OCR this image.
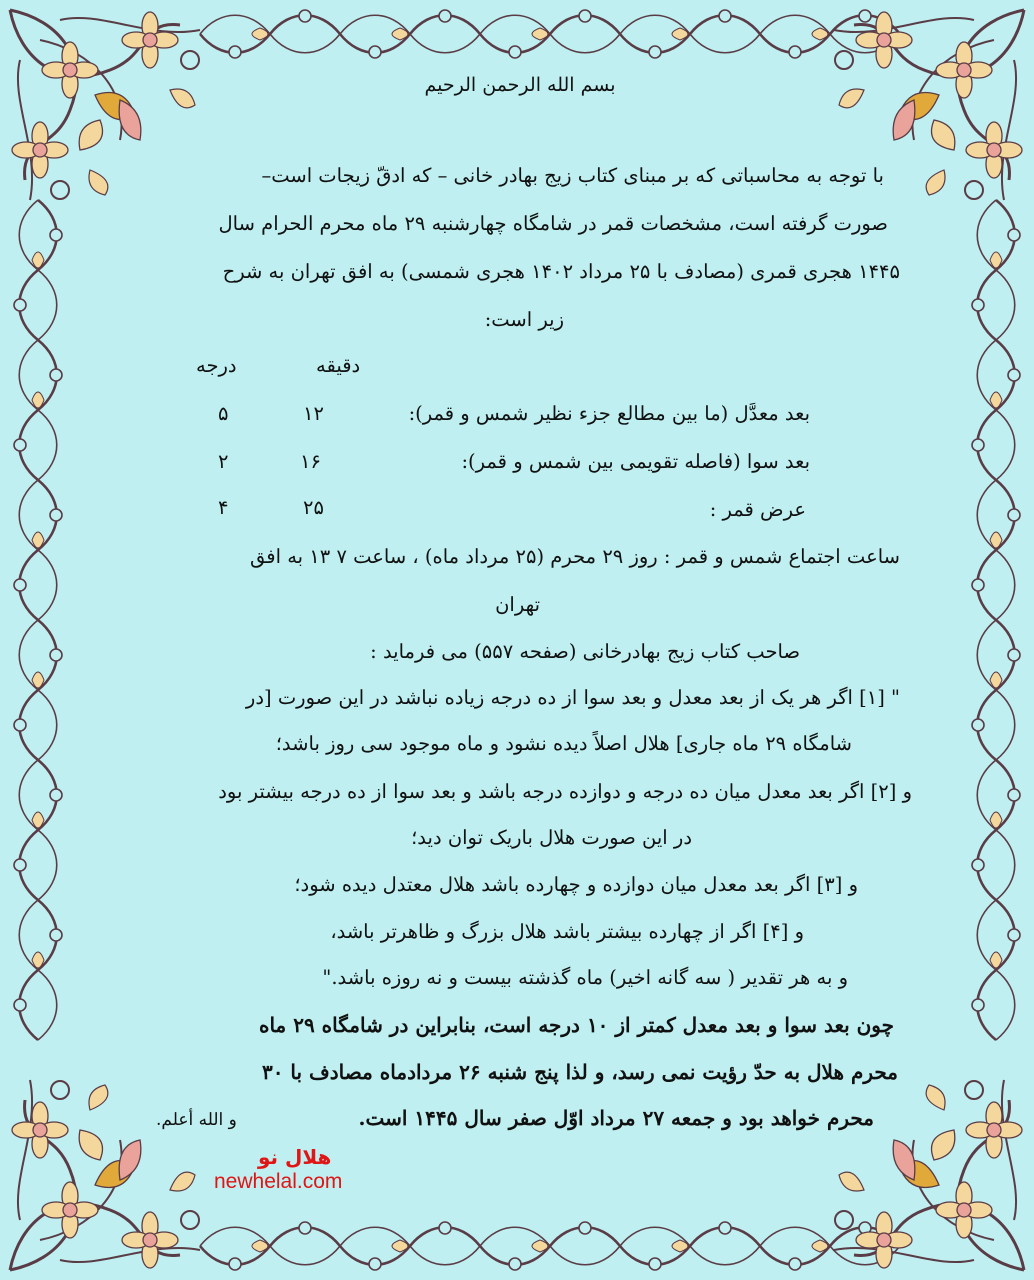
بسم الله الرحمن الرحیم
با توجه به محاسباتی که بر مبنای کتاب زیج بهادر خانی – که ادقّ زیجات است–
صورت گرفته است، مشخصات قمر در شامگاه چهارشنبه ۲۹ ماه محرم الحرام سال
۱۴۴۵ هجری قمری (مصادف با ۲۵ مرداد ۱۴۰۲ هجری شمسی) به افق تهران به شرح
زیر است:
دقیقه
درجه
بعد معدَّل (ما بین مطالع جزء نظیر شمس و قمر):
۱۲
۵
بعد سوا (فاصله تقویمی بین شمس و قمر):
۱۶
۲
عرض قمر :
۲۵
۴
ساعت اجتماع شمس و قمر : روز ۲۹ محرم (۲۵ مرداد ماه) ، ساعت ۷ ۱۳ به افق
تهران
صاحب کتاب زیج بهادرخانی (صفحه ۵۵۷) می فرماید :
" [۱] اگر هر یک از بعد معدل و بعد سوا از ده درجه زیاده نباشد در این صورت [در
شامگاه ۲۹ ماه جاری] هلال اصلاً دیده نشود و ماه موجود سی روز باشد؛
و [۲] اگر بعد معدل میان ده درجه و دوازده درجه باشد و بعد سوا از ده درجه بیشتر بود
در این صورت هلال باریک توان دید؛
و [۳] اگر بعد معدل میان دوازده و چهارده باشد هلال معتدل دیده شود؛
و [۴] اگر از چهارده بیشتر باشد هلال بزرگ و ظاهرتر باشد،
و به هر تقدیر ( سه گانه اخیر) ماه گذشته بیست و نه روزه باشد."
چون بعد سوا و بعد معدل کمتر از ۱۰ درجه است، بنابراین در شامگاه ۲۹ ماه
محرم هلال به حدّ رؤیت نمی رسد، و لذا پنج شنبه ۲۶ مردادماه مصادف با ۳۰
محرم خواهد بود و جمعه ۲۷ مرداد اوّل صفر سال ۱۴۴۵ است.
و الله أعلم.
هلال نو
newhelal.com
